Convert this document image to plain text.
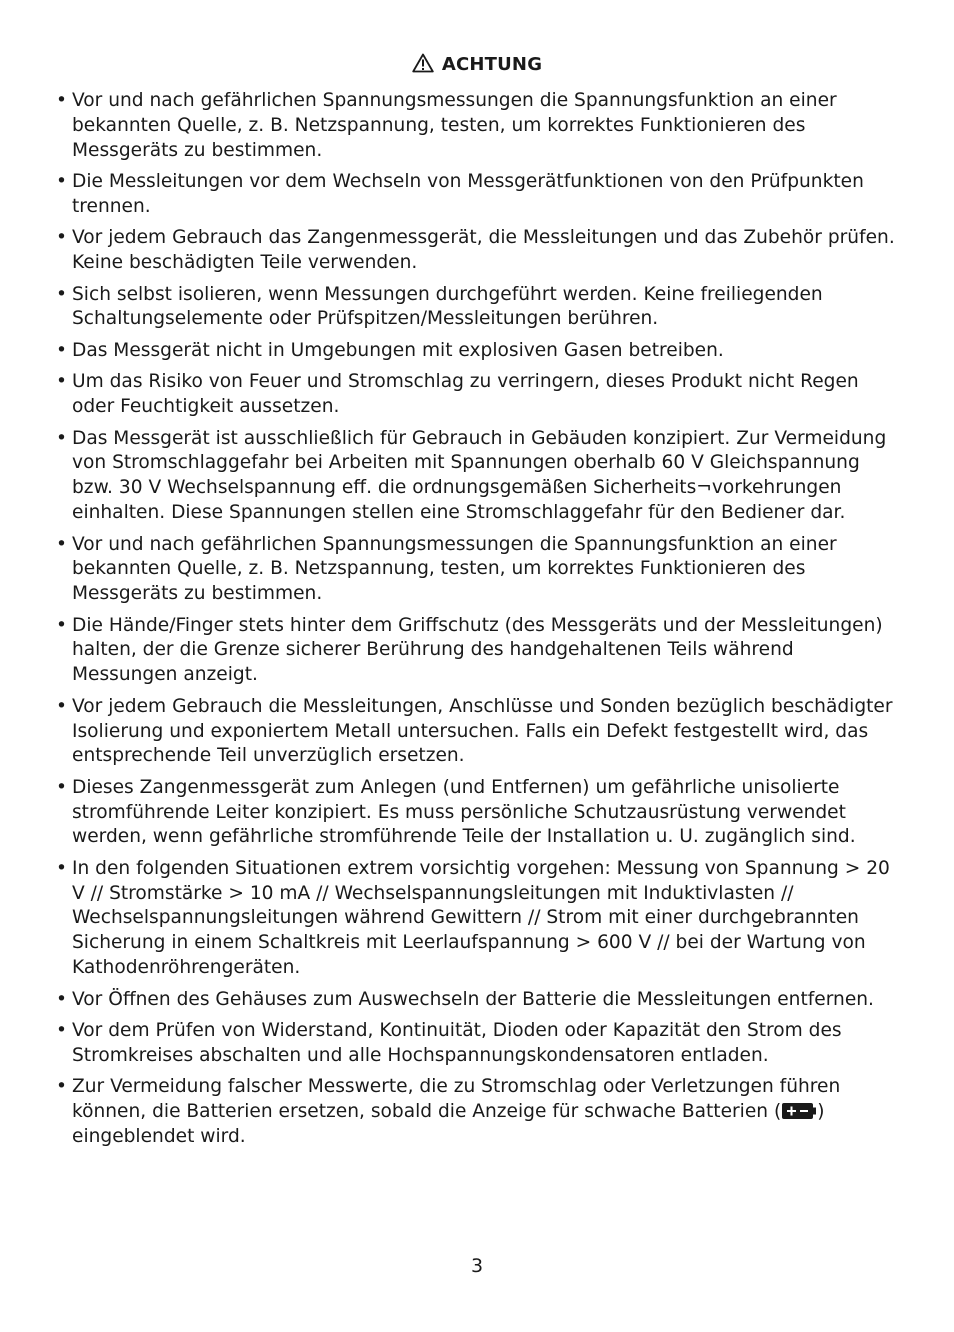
ACHTUNG
• Vor und nach gefährlichen Spannungsmessungen die Spannungsfunktion an einer bekannten Quelle, z. B. Netzspannung, testen, um korrektes Funktionieren des Messgeräts zu bestimmen.
• Die Messleitungen vor dem Wechseln von Messgerätfunktionen von den Prüfpunkten trennen.
• Vor jedem Gebrauch das Zangenmessgerät, die Messleitungen und das Zubehör prüfen. Keine beschädigten Teile verwenden.
• Sich selbst isolieren, wenn Messungen durchgeführt werden. Keine freiliegenden Schaltungselemente oder Prüfspitzen/Messleitungen berühren.
• Das Messgerät nicht in Umgebungen mit explosiven Gasen betreiben.
• Um das Risiko von Feuer und Stromschlag zu verringern, dieses Produkt nicht Regen oder Feuchtigkeit aussetzen.
• Das Messgerät ist ausschließlich für Gebrauch in Gebäuden konzipiert. Zur Vermeidung von Stromschlaggefahr bei Arbeiten mit Spannungen oberhalb 60 V Gleichspannung bzw. 30 V Wechselspannung eff. die ordnungsgemäßen Sicherheits¬vorkehrungen einhalten. Diese Spannungen stellen eine Stromschlaggefahr für den Bediener dar.
• Vor und nach gefährlichen Spannungsmessungen die Spannungsfunktion an einer bekannten Quelle, z. B. Netzspannung, testen, um korrektes Funktionieren des Messgeräts zu bestimmen.
• Die Hände/Finger stets hinter dem Griffschutz (des Messgeräts und der Messleitungen) halten, der die Grenze sicherer Berührung des handgehaltenen Teils während Messungen anzeigt.
• Vor jedem Gebrauch die Messleitungen, Anschlüsse und Sonden bezüglich beschädigter Isolierung und exponiertem Metall untersuchen. Falls ein Defekt festgestellt wird, das entsprechende Teil unverzüglich ersetzen.
• Dieses Zangenmessgerät zum Anlegen (und Entfernen) um gefährliche unisolierte stromführende Leiter konzipiert. Es muss persönliche Schutzausrüstung verwendet werden, wenn gefährliche stromführende Teile der Installation u. U. zugänglich sind.
• In den folgenden Situationen extrem vorsichtig vorgehen: Messung von Spannung > 20 V // Stromstärke > 10 mA // Wechselspannungsleitungen mit Induktivlasten // Wechselspannungsleitungen während Gewittern // Strom mit einer durchgebrannten Sicherung in einem Schaltkreis mit Leerlaufspannung > 600 V // bei der Wartung von Kathodenröhrengeräten.
• Vor Öffnen des Gehäuses zum Auswechseln der Batterie die Messleitungen entfernen.
• Vor dem Prüfen von Widerstand, Kontinuität, Dioden oder Kapazität den Strom des Stromkreises abschalten und alle Hochspannungskondensatoren entladen.
• Zur Vermeidung falscher Messwerte, die zu Stromschlag oder Verletzungen führen können, die Batterien ersetzen, sobald die Anzeige für schwache Batterien ( ) eingeblendet wird.
3
